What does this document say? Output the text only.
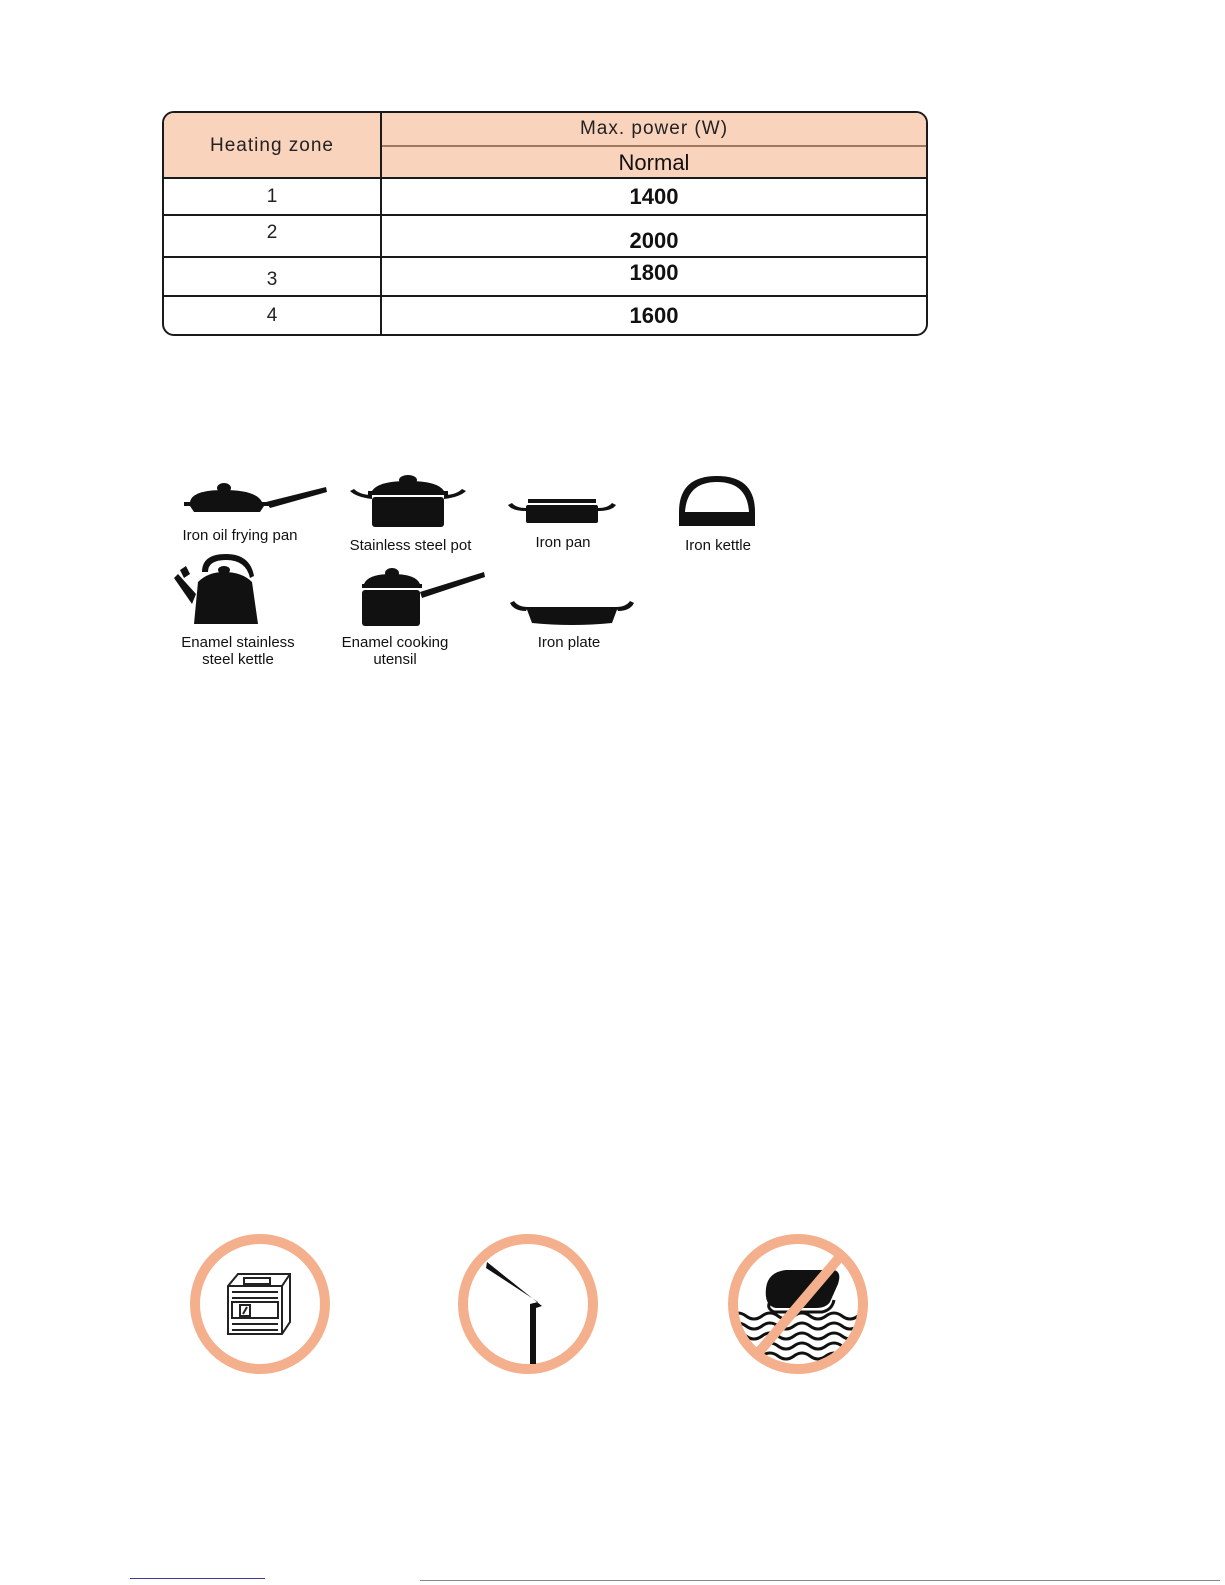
Heating zone
Max. power (W)
Normal
1	1400
2	2000
3	1800
4	1600
Iron oil frying pan
Stainless steel pot	Iron pan	Iron kettle
Enamel stainless
steel kettle
Enamel cooking
utensil
Iron plate
